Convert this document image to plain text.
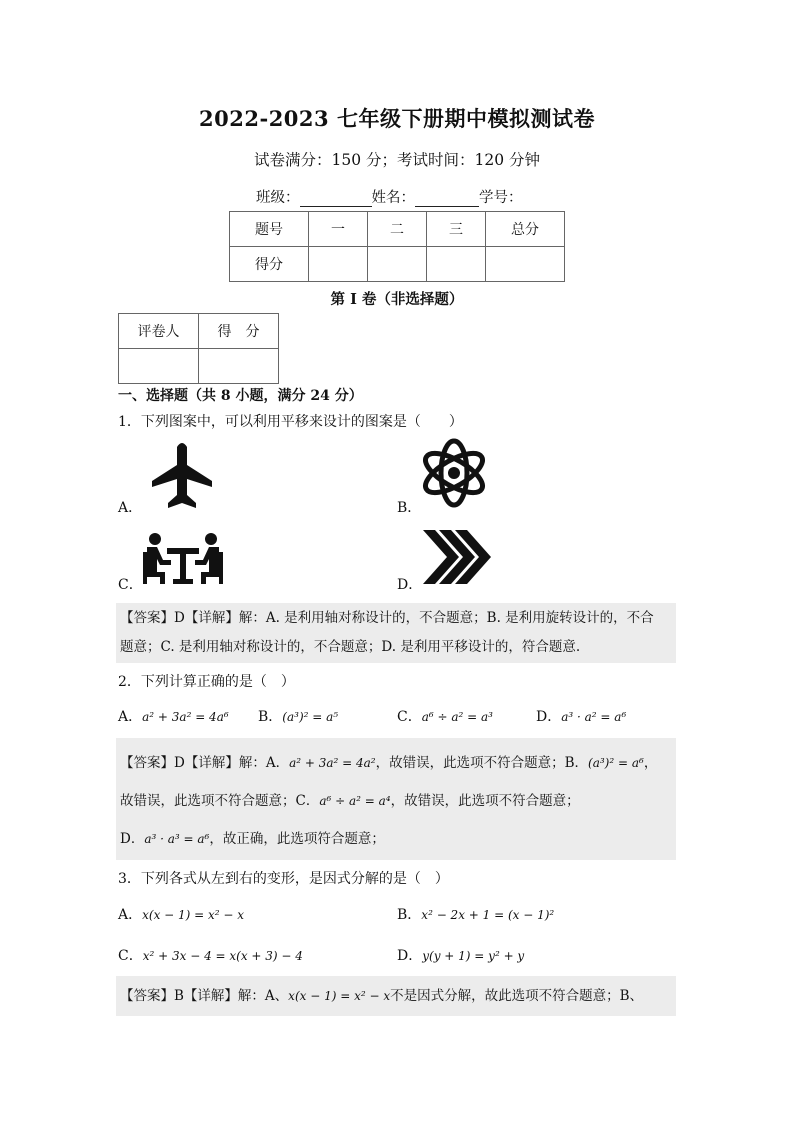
2022-2023 七年级下册期中模拟测试卷
试卷满分：150 分；考试时间：120 分钟
班级：	姓名：	学号：
题号	一	二	三	总分
得分				
第 I 卷（非选择题）
评卷人	得　分

一、选择题（共 8 小题，满分 24 分）
1．下列图案中，可以利用平移来设计的图案是（　　）
A．	B．
C．	D．
【答案】D【详解】解：A. 是利用轴对称设计的，不合题意；B. 是利用旋转设计的，不合
题意；C. 是利用轴对称设计的，不合题意；D. 是利用平移设计的，符合题意.
2．下列计算正确的是（　）
A．a² + 3a² = 4a⁶ B．(a³)² = a⁵	C．a⁶ ÷ a² = a³	D．a³ · a² = a⁶
【答案】D【详解】解：A．a² + 3a² = 4a²，故错误，此选项不符合题意；B．(a³)² = a⁶，
故错误，此选项不符合题意；C．a⁶ ÷ a² = a⁴，故错误，此选项不符合题意；
D．a³ · a³ = a⁶，故正确，此选项符合题意；
3．下列各式从左到右的变形，是因式分解的是（　）
A．x(x − 1) = x² − x	B．x² − 2x + 1 = (x − 1)²
C．x² + 3x − 4 = x(x + 3) − 4	D．y(y + 1) = y² + y
【答案】B【详解】解：A、x(x − 1) = x² − x不是因式分解，故此选项不符合题意；B、
